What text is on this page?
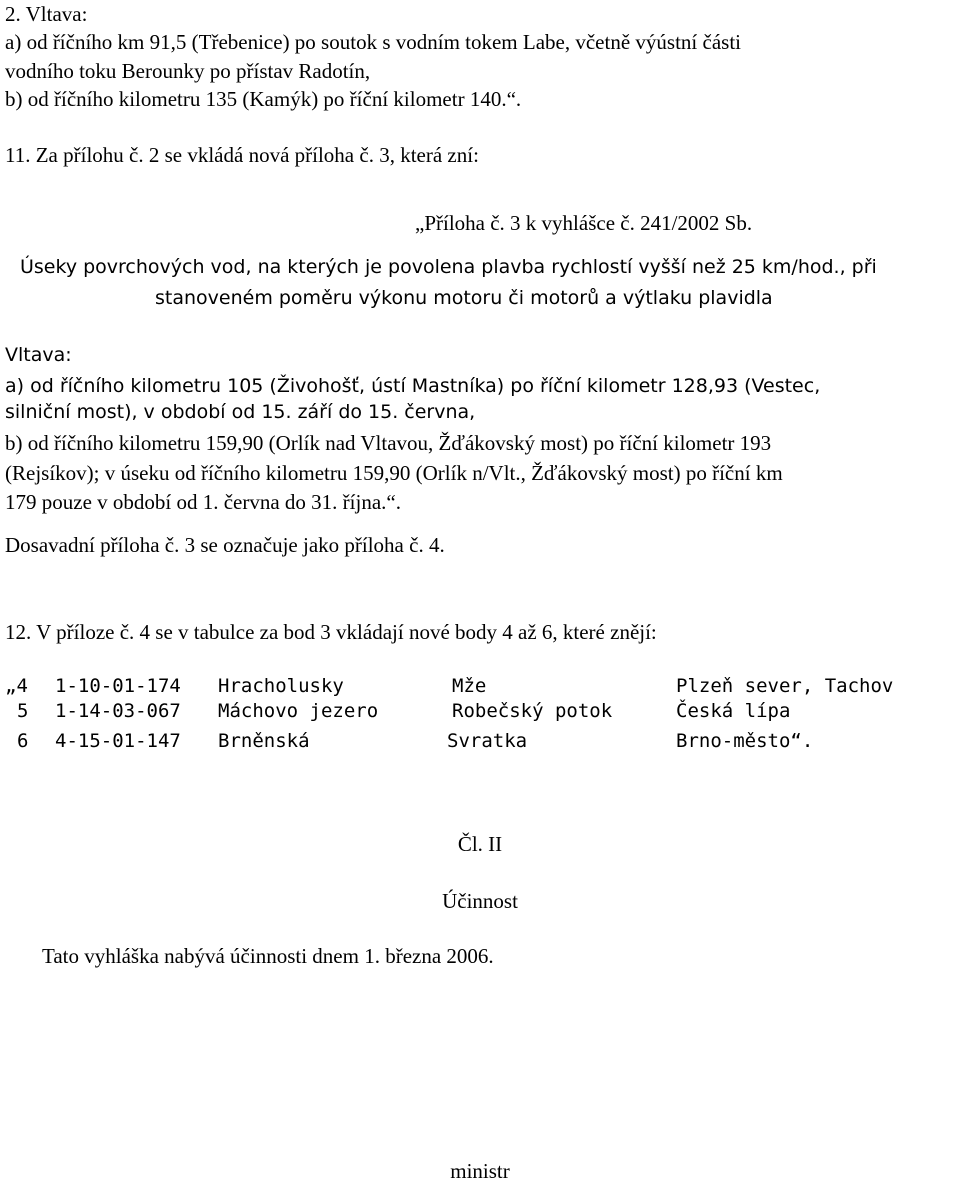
2. Vltava:
a) od říčního km 91,5 (Třebenice) po soutok s vodním tokem Labe, včetně výústní části
vodního toku Berounky po přístav Radotín,
b) od říčního kilometru 135 (Kamýk) po říční kilometr 140.“.
11. Za přílohu č. 2 se vkládá nová příloha č. 3, která zní:
„Příloha č. 3 k vyhlášce č. 241/2002 Sb.
Úseky povrchových vod, na kterých je povolena plavba rychlostí vyšší než 25 km/hod., při
stanoveném poměru výkonu motoru či motorů a výtlaku plavidla
Vltava:
a) od říčního kilometru 105 (Živohošť, ústí Mastníka) po říční kilometr 128,93 (Vestec,
silniční most), v období od 15. září do 15. června,
b) od říčního kilometru 159,90 (Orlík nad Vltavou, Žďákovský most) po říční kilometr 193
(Rejsíkov); v úseku od říčního kilometru 159,90 (Orlík n/Vlt., Žďákovský most) po říční km
179 pouze v období od 1. června do 31. října.“.
Dosavadní příloha č. 3 se označuje jako příloha č. 4.
12. V příloze č. 4 se v tabulce za bod 3 vkládají nové body 4 až 6, které znějí:
„4 1-10-01-174 Hracholusky	Mže	Plzeň sever, Tachov
5 1-14-03-067 Máchovo jezero	Robečský potok	Česká lípa
6 4-15-01-147 Brněnská	Svratka	Brno-město“.
Čl. II
Účinnost
Tato vyhláška nabývá účinnosti dnem 1. března 2006.
ministr
